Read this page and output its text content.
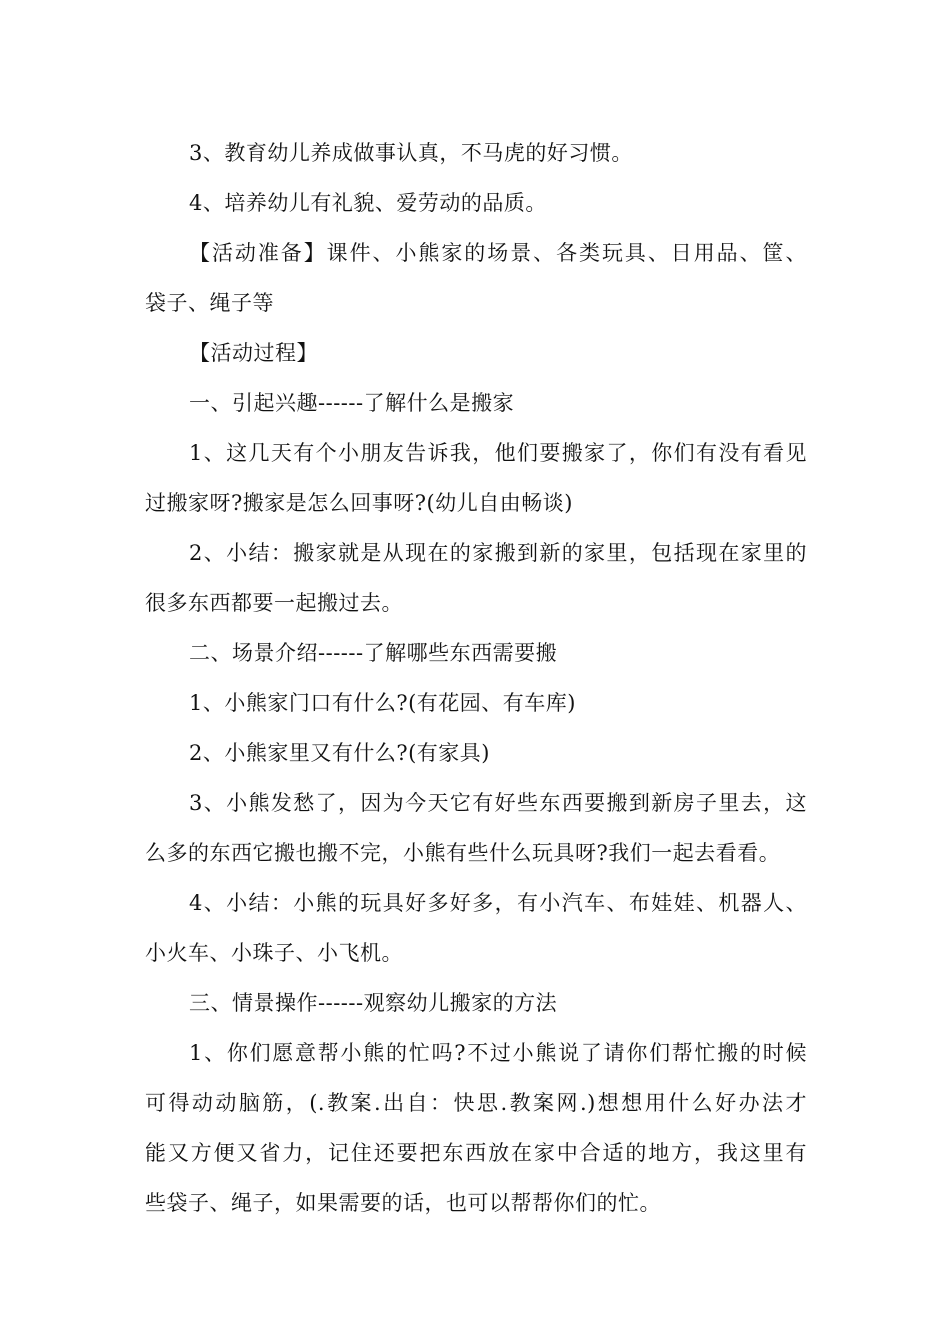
3、教育幼儿养成做事认真，不马虎的好习惯。
4、培养幼儿有礼貌、爱劳动的品质。
【活动准备】课件、小熊家的场景、各类玩具、日用品、筐、
袋子、绳子等
【活动过程】
一、引起兴趣------了解什么是搬家
1、这几天有个小朋友告诉我，他们要搬家了，你们有没有看见
过搬家呀?搬家是怎么回事呀?(幼儿自由畅谈)
2、小结：搬家就是从现在的家搬到新的家里，包括现在家里的
很多东西都要一起搬过去。
二、场景介绍------了解哪些东西需要搬
1、小熊家门口有什么?(有花园、有车库)
2、小熊家里又有什么?(有家具)
3、小熊发愁了，因为今天它有好些东西要搬到新房子里去，这
么多的东西它搬也搬不完，小熊有些什么玩具呀?我们一起去看看。
4、小结：小熊的玩具好多好多，有小汽车、布娃娃、机器人、
小火车、小珠子、小飞机。
三、情景操作------观察幼儿搬家的方法
1、你们愿意帮小熊的忙吗?不过小熊说了请你们帮忙搬的时候
可得动动脑筋，(.教案.出自：快思.教案网.)想想用什么好办法才
能又方便又省力，记住还要把东西放在家中合适的地方，我这里有
些袋子、绳子，如果需要的话，也可以帮帮你们的忙。
